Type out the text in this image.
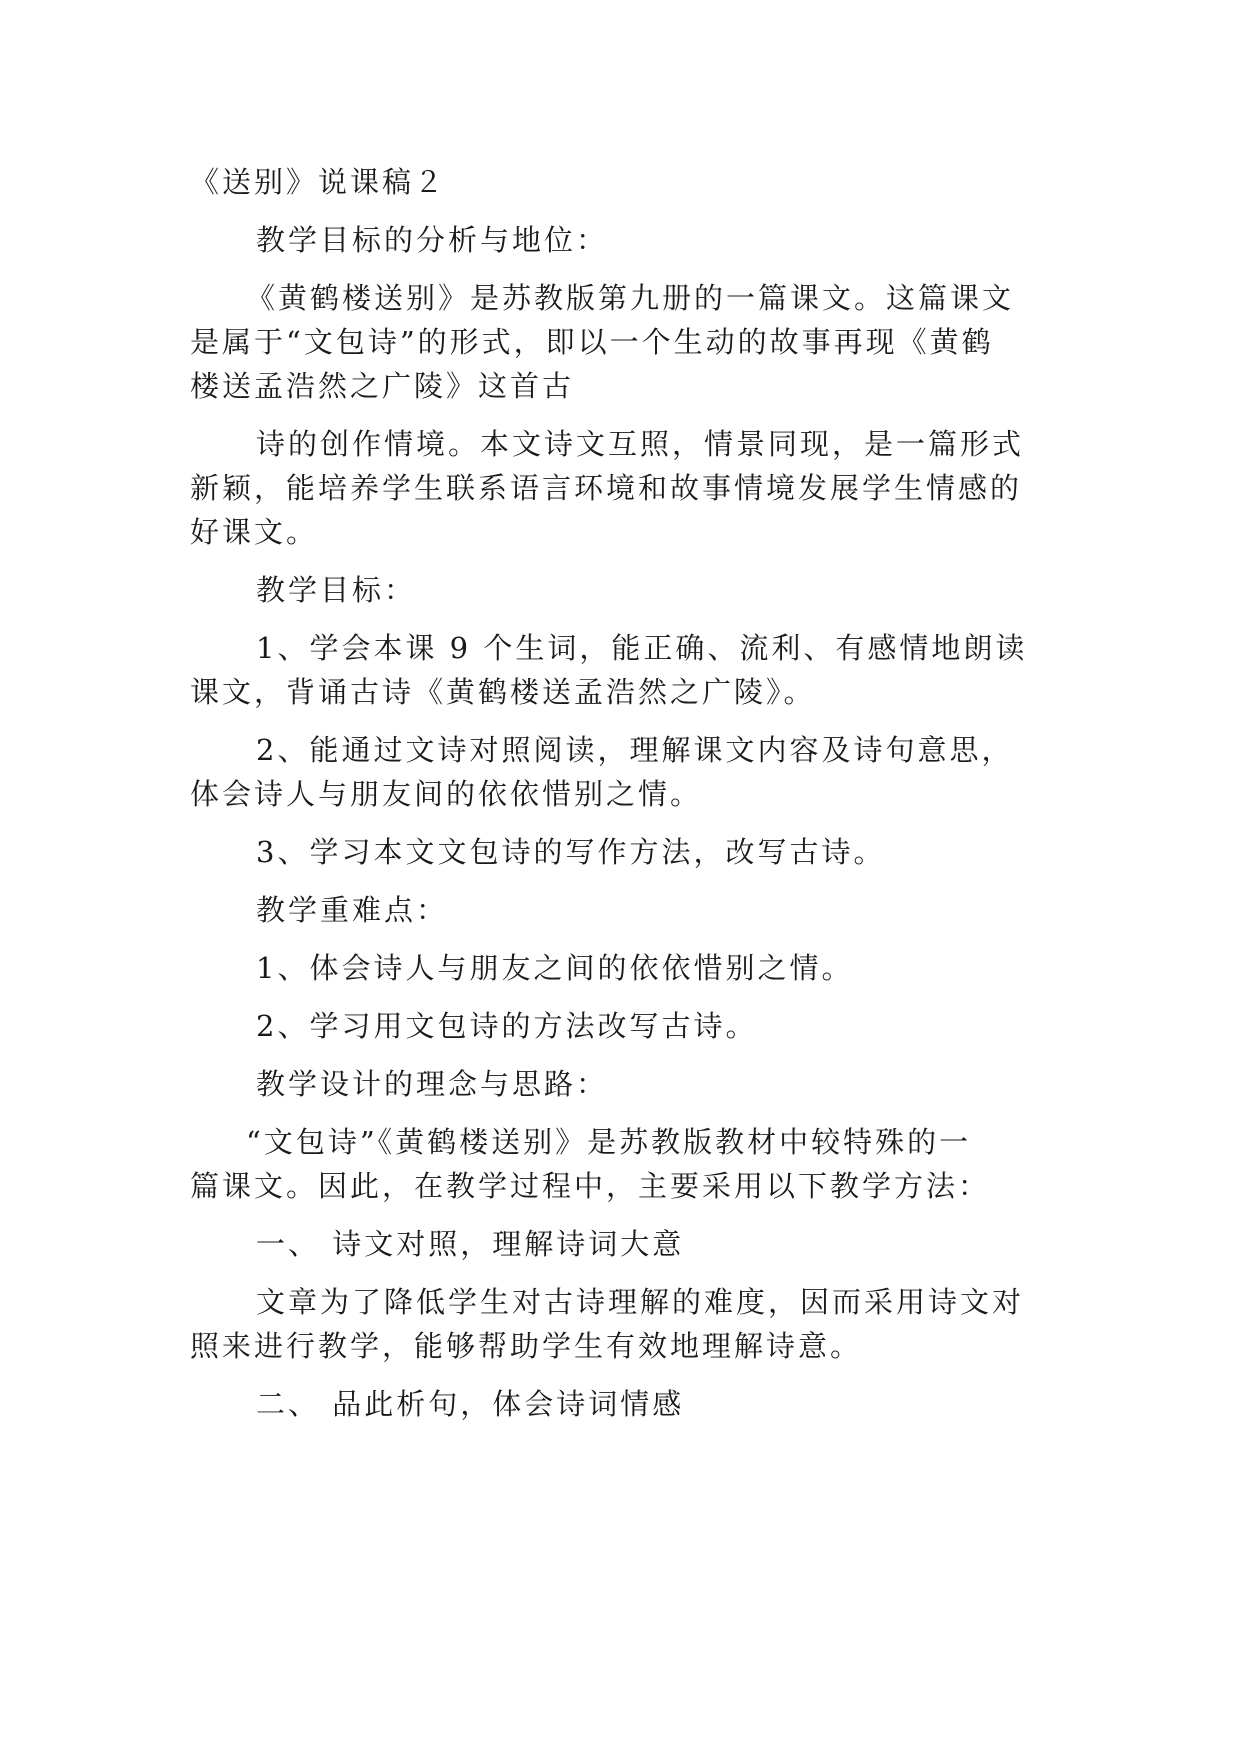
《送别》说课稿２
教学目标的分析与地位：
《黄鹤楼送别》是苏教版第九册的一篇课文。这篇课文
是属于“文包诗”的形式，即以一个生动的故事再现《黄鹤
楼送孟浩然之广陵》这首古
诗的创作情境。本文诗文互照，情景同现，是一篇形式
新颖，能培养学生联系语言环境和故事情境发展学生情感的
好课文。
教学目标：
1、学会本课 9 个生词，能正确、流利、有感情地朗读
课文，背诵古诗《黄鹤楼送孟浩然之广陵》。
2、能通过文诗对照阅读，理解课文内容及诗句意思，
体会诗人与朋友间的依依惜别之情。
3、学习本文文包诗的写作方法，改写古诗。
教学重难点：
1、体会诗人与朋友之间的依依惜别之情。
2、学习用文包诗的方法改写古诗。
教学设计的理念与思路：
“文包诗”《黄鹤楼送别》是苏教版教材中较特殊的一
篇课文。因此，在教学过程中，主要采用以下教学方法：
一、 诗文对照，理解诗词大意
文章为了降低学生对古诗理解的难度，因而采用诗文对
照来进行教学，能够帮助学生有效地理解诗意。
二、 品此析句，体会诗词情感
